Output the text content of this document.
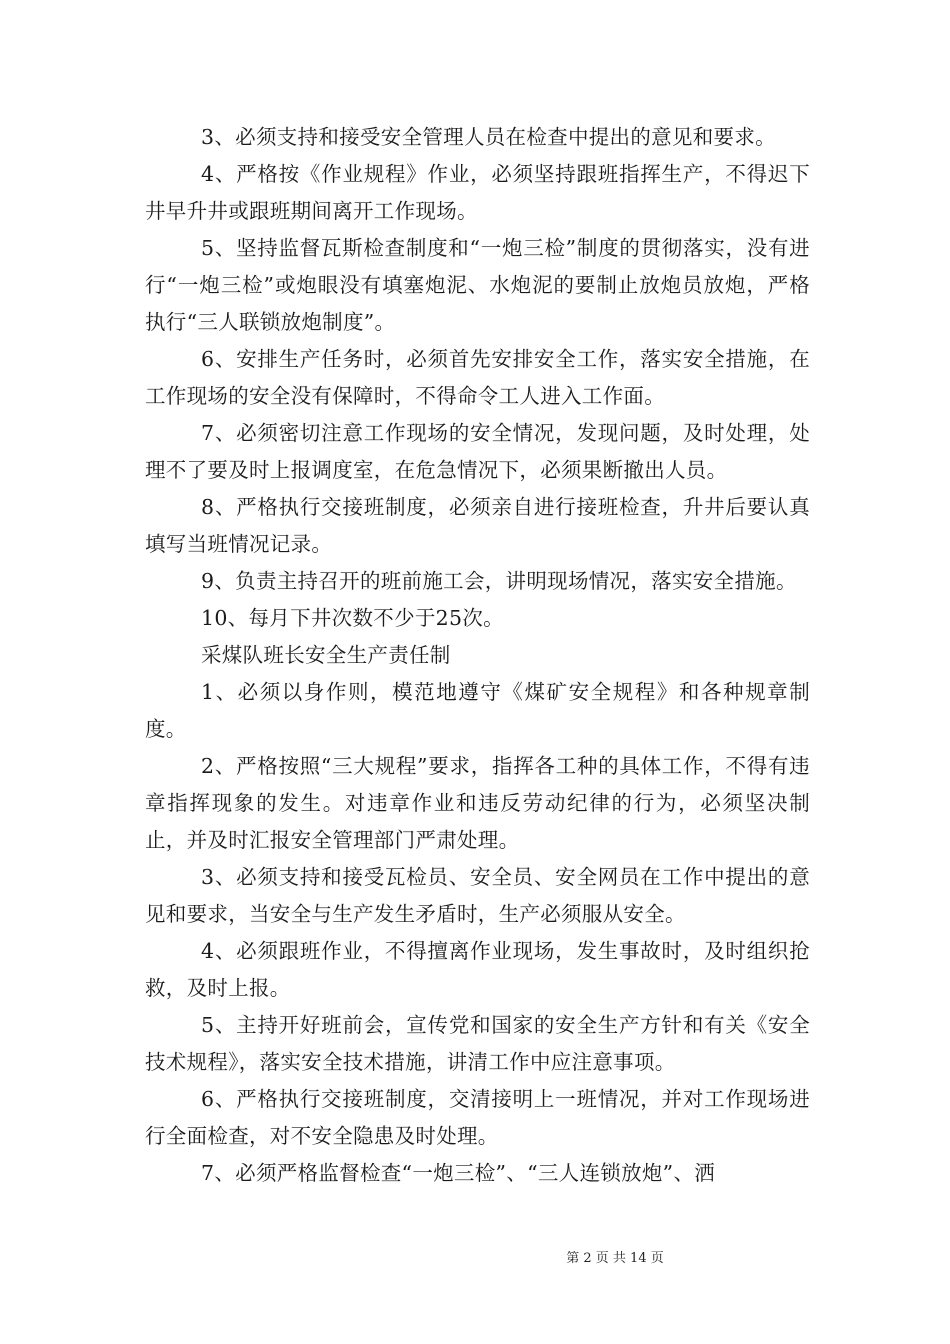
3、必须支持和接受安全管理人员在检查中提出的意见和要求。

4、严格按《作业规程》作业，必须坚持跟班指挥生产，不得迟下井早升井或跟班期间离开工作现场。

5、坚持监督瓦斯检查制度和“一炮三检”制度的贯彻落实，没有进行“一炮三检”或炮眼没有填塞炮泥、水炮泥的要制止放炮员放炮，严格执行“三人联锁放炮制度”。

6、安排生产任务时，必须首先安排安全工作，落实安全措施，在工作现场的安全没有保障时，不得命令工人进入工作面。

7、必须密切注意工作现场的安全情况，发现问题，及时处理，处理不了要及时上报调度室，在危急情况下，必须果断撤出人员。

8、严格执行交接班制度，必须亲自进行接班检查，升井后要认真填写当班情况记录。

9、负责主持召开的班前施工会，讲明现场情况，落实安全措施。

10、每月下井次数不少于25次。

采煤队班长安全生产责任制

1、必须以身作则，模范地遵守《煤矿安全规程》和各种规章制度。

2、严格按照“三大规程”要求，指挥各工种的具体工作，不得有违章指挥现象的发生。对违章作业和违反劳动纪律的行为，必须坚决制止，并及时汇报安全管理部门严肃处理。

3、必须支持和接受瓦检员、安全员、安全网员在工作中提出的意见和要求，当安全与生产发生矛盾时，生产必须服从安全。

4、必须跟班作业，不得擅离作业现场，发生事故时，及时组织抢救，及时上报。

5、主持开好班前会，宣传党和国家的安全生产方针和有关《安全技术规程》，落实安全技术措施，讲清工作中应注意事项。

6、严格执行交接班制度，交清接明上一班情况，并对工作现场进行全面检查，对不安全隐患及时处理。

7、必须严格监督检查“一炮三检”、“三人连锁放炮”、洒

第 2 页 共 14 页
